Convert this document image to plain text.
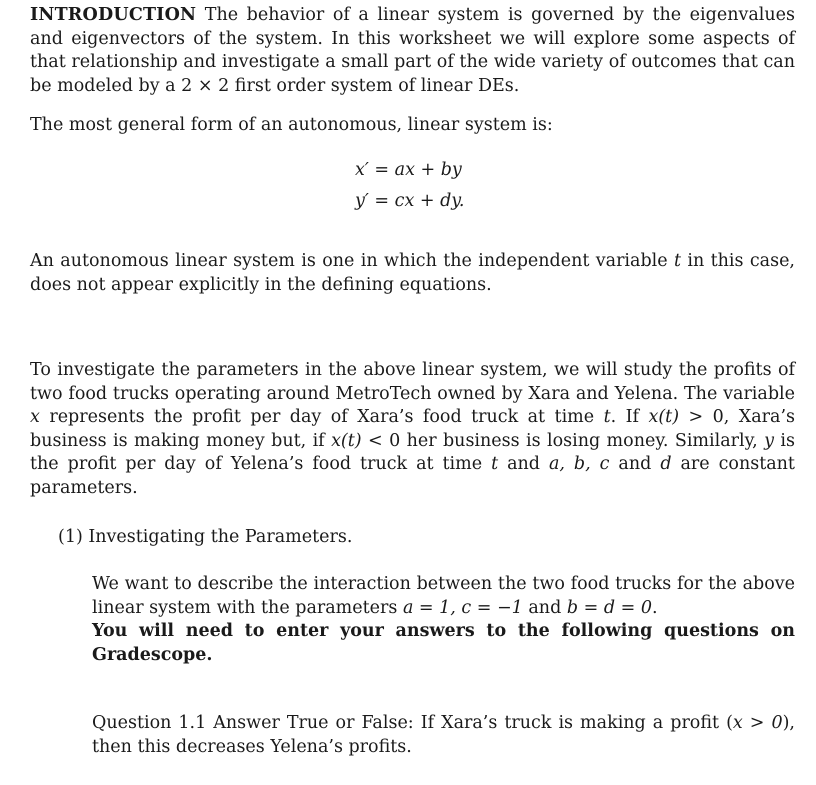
INTRODUCTION The behavior of a linear system is governed by the eigenvalues and eigenvectors of the system. In this worksheet we will explore some aspects of that relationship and investigate a small part of the wide variety of outcomes that can be modeled by a 2 × 2 first order system of linear DEs.
The most general form of an autonomous, linear system is:
x′ = ax + by
y′ = cx + dy.
An autonomous linear system is one in which the independent variable t in this case, does not appear explicitly in the defining equations.
To investigate the parameters in the above linear system, we will study the profits of two food trucks operating around MetroTech owned by Xara and Yelena. The variable x represents the profit per day of Xara’s food truck at time t. If x(t) > 0, Xara’s business is making money but, if x(t) < 0 her business is losing money. Similarly, y is the profit per day of Yelena’s food truck at time t and a, b, c and d are constant parameters.
(1) Investigating the Parameters.
We want to describe the interaction between the two food trucks for the above linear system with the parameters a = 1, c = −1 and b = d = 0.
You will need to enter your answers to the following questions on Gradescope.
Question 1.1 Answer True or False: If Xara’s truck is making a profit (x > 0), then this decreases Yelena’s profits.
